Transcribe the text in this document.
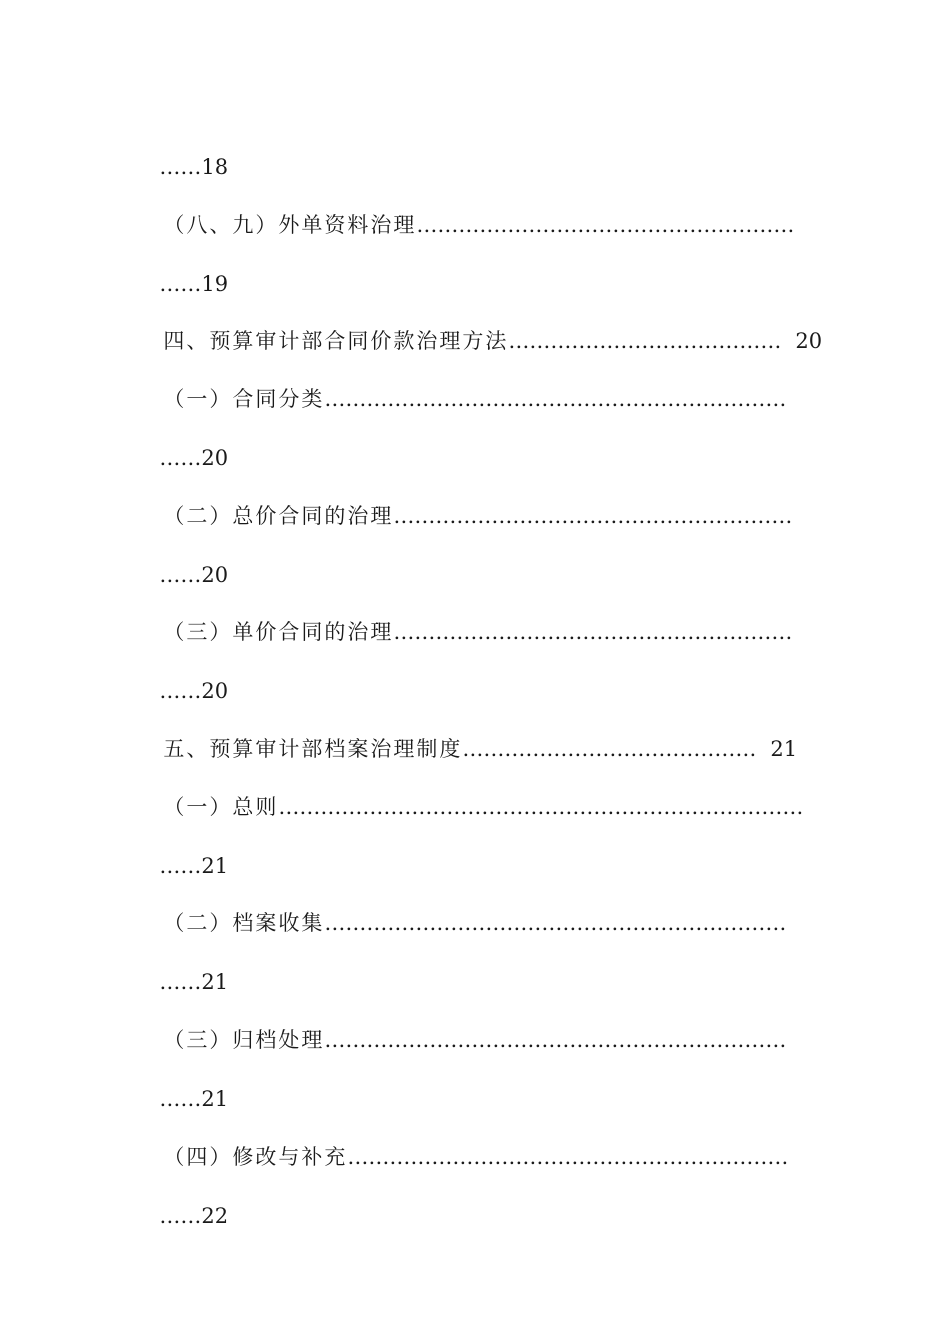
……18

（八、九）外单资料治理………………………………………………

……19

四、预算审计部合同价款治理方法………………………………… 20

（一）合同分类…………………………………………………………

……20

（二）总价合同的治理…………………………………………………

……20

（三）单价合同的治理…………………………………………………

……20

五、预算审计部档案治理制度…………………………………… 21

（一）总则…………………………………………………………………

……21

（二）档案收集…………………………………………………………

……21

（三）归档处理…………………………………………………………

……21

（四）修改与补充………………………………………………………

……22
